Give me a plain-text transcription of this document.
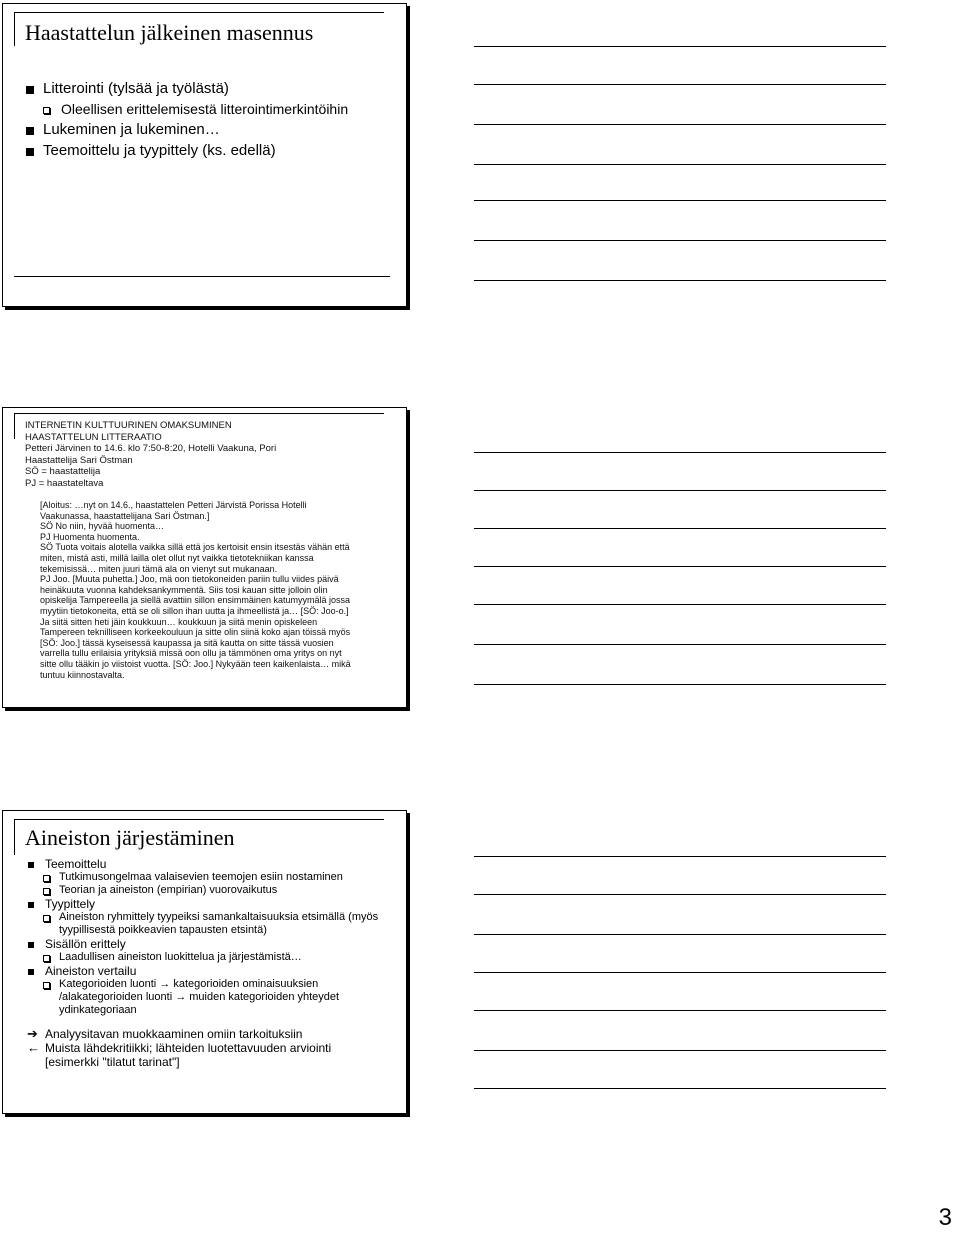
Haastattelun jälkeinen masennus
Litterointi (tylsää ja työlästä)
Oleellisen erittelemisestä litterointimerkintöihin
Lukeminen ja lukeminen…
Teemoittelu ja tyypittely (ks. edellä)

INTERNETIN KULTTUURINEN OMAKSUMINEN

HAASTATTELUN LITTERAATIO

Petteri Järvinen to 14.6. klo 7:50-8:20, Hotelli Vaakuna, Pori

Haastattelija Sari Östman

SÖ = haastattelija

PJ = haastateltava

[Aloitus: …nyt on 14.6., haastattelen Petteri Järvistä Porissa Hotelli

Vaakunassa, haastattelijana Sari Östman.]

SÖ No niin, hyvää huomenta…

PJ Huomenta huomenta.

SÖ Tuota voitais alotella vaikka sillä että jos kertoisit ensin itsestäs vähän että

miten, mistä asti, millä lailla olet ollut nyt vaikka tietotekniikan kanssa

tekemisissä… miten juuri tämä ala on vienyt sut mukanaan.

PJ Joo. [Muuta puhetta.] Joo, mä oon tietokoneiden pariin tullu viides päivä

heinäkuuta vuonna kahdeksankymmentä. Siis tosi kauan sitte jolloin olin

opiskelija Tampereella ja siellä avattiin sillon ensimmäinen katumyymälä jossa

myytiin tietokoneita, että se oli sillon ihan uutta ja ihmeellistä ja… [SÖ: Joo-o.]

Ja siitä sitten heti jäin koukkuun… koukkuun ja siitä menin opiskeleen

Tampereen teknilliseen korkeekouluun ja sitte olin siinä koko ajan töissä myös

[SÖ: Joo.] tässä kyseisessä kaupassa ja sitä kautta on sitte tässä vuosien

varrella tullu erilaisia yrityksiä missä oon ollu ja tämmönen oma yritys on nyt

sitte ollu tääkin jo viistoist vuotta. [SÖ: Joo.] Nykyään teen kaikenlaista… mikä

tuntuu kiinnostavalta.

Aineiston järjestäminen
Teemoittelu
Tutkimusongelmaa valaisevien teemojen esiin nostaminen
Teorian ja aineiston (empirian) vuorovaikutus
Tyypittely
Aineiston ryhmittely tyypeiksi samankaltaisuuksia etsimällä (myös tyypillisestä poikkeavien tapausten etsintä)
Sisällön erittely
Laadullisen aineiston luokittelua ja järjestämistä…
Aineiston vertailu
Kategorioiden luonti → kategorioiden ominaisuuksien /alakategorioiden luonti → muiden kategorioiden yhteydet ydinkategoriaan
➔ Analyysitavan muokkaaminen omiin tarkoituksiin
← Muista lähdekritiikki; lähteiden luotettavuuden arviointi [esimerkki "tilatut tarinat"]
3
